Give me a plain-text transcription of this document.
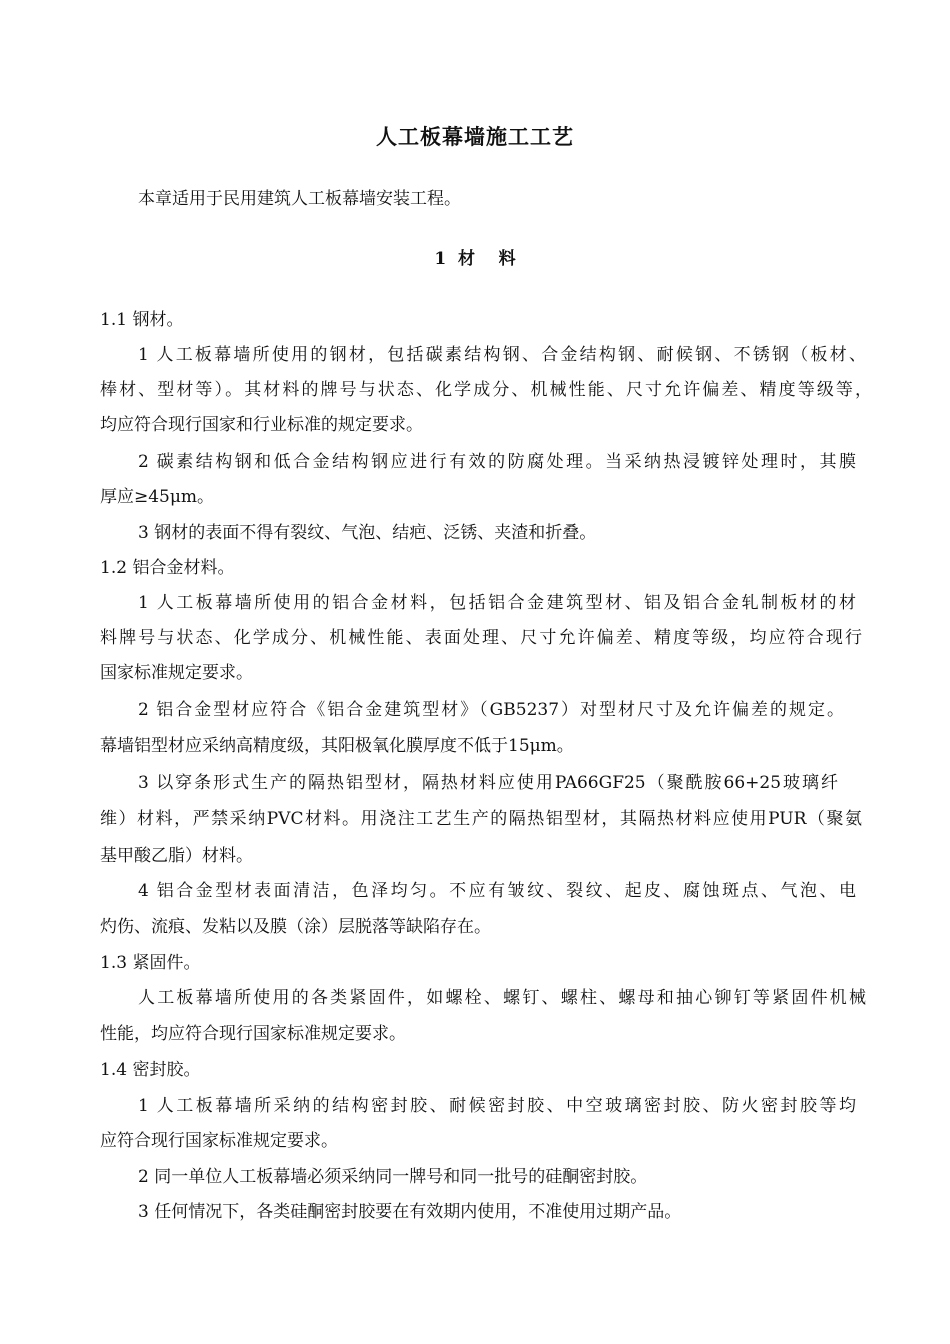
人工板幕墙施工工艺
本章适用于民用建筑人工板幕墙安装工程。
1  材    料
1.1 钢材。
1 人工板幕墙所使用的钢材，包括碳素结构钢、合金结构钢、耐候钢、不锈钢（板材、
棒材、型材等）。其材料的牌号与状态、化学成分、机械性能、尺寸允许偏差、精度等级等，
均应符合现行国家和行业标准的规定要求。
2 碳素结构钢和低合金结构钢应进行有效的防腐处理。当采纳热浸镀锌处理时，其膜
厚应≥45μm。
3 钢材的表面不得有裂纹、气泡、结疤、泛锈、夹渣和折叠。
1.2 铝合金材料。
1 人工板幕墙所使用的铝合金材料，包括铝合金建筑型材、铝及铝合金轧制板材的材
料牌号与状态、化学成分、机械性能、表面处理、尺寸允许偏差、精度等级，均应符合现行
国家标准规定要求。
2 铝合金型材应符合《铝合金建筑型材》（GB5237）对型材尺寸及允许偏差的规定。
幕墙铝型材应采纳高精度级，其阳极氧化膜厚度不低于15μm。
3 以穿条形式生产的隔热铝型材，隔热材料应使用PA66GF25（聚酰胺66+25玻璃纤
维）材料，严禁采纳PVC材料。用浇注工艺生产的隔热铝型材，其隔热材料应使用PUR（聚氨
基甲酸乙脂）材料。
4 铝合金型材表面清洁，色泽均匀。不应有皱纹、裂纹、起皮、腐蚀斑点、气泡、电
灼伤、流痕、发粘以及膜（涂）层脱落等缺陷存在。
1.3 紧固件。
人工板幕墙所使用的各类紧固件，如螺栓、螺钉、螺柱、螺母和抽心铆钉等紧固件机械
性能，均应符合现行国家标准规定要求。
1.4 密封胶。
1 人工板幕墙所采纳的结构密封胶、耐候密封胶、中空玻璃密封胶、防火密封胶等均
应符合现行国家标准规定要求。
2 同一单位人工板幕墙必须采纳同一牌号和同一批号的硅酮密封胶。
3 任何情况下，各类硅酮密封胶要在有效期内使用，不准使用过期产品。
